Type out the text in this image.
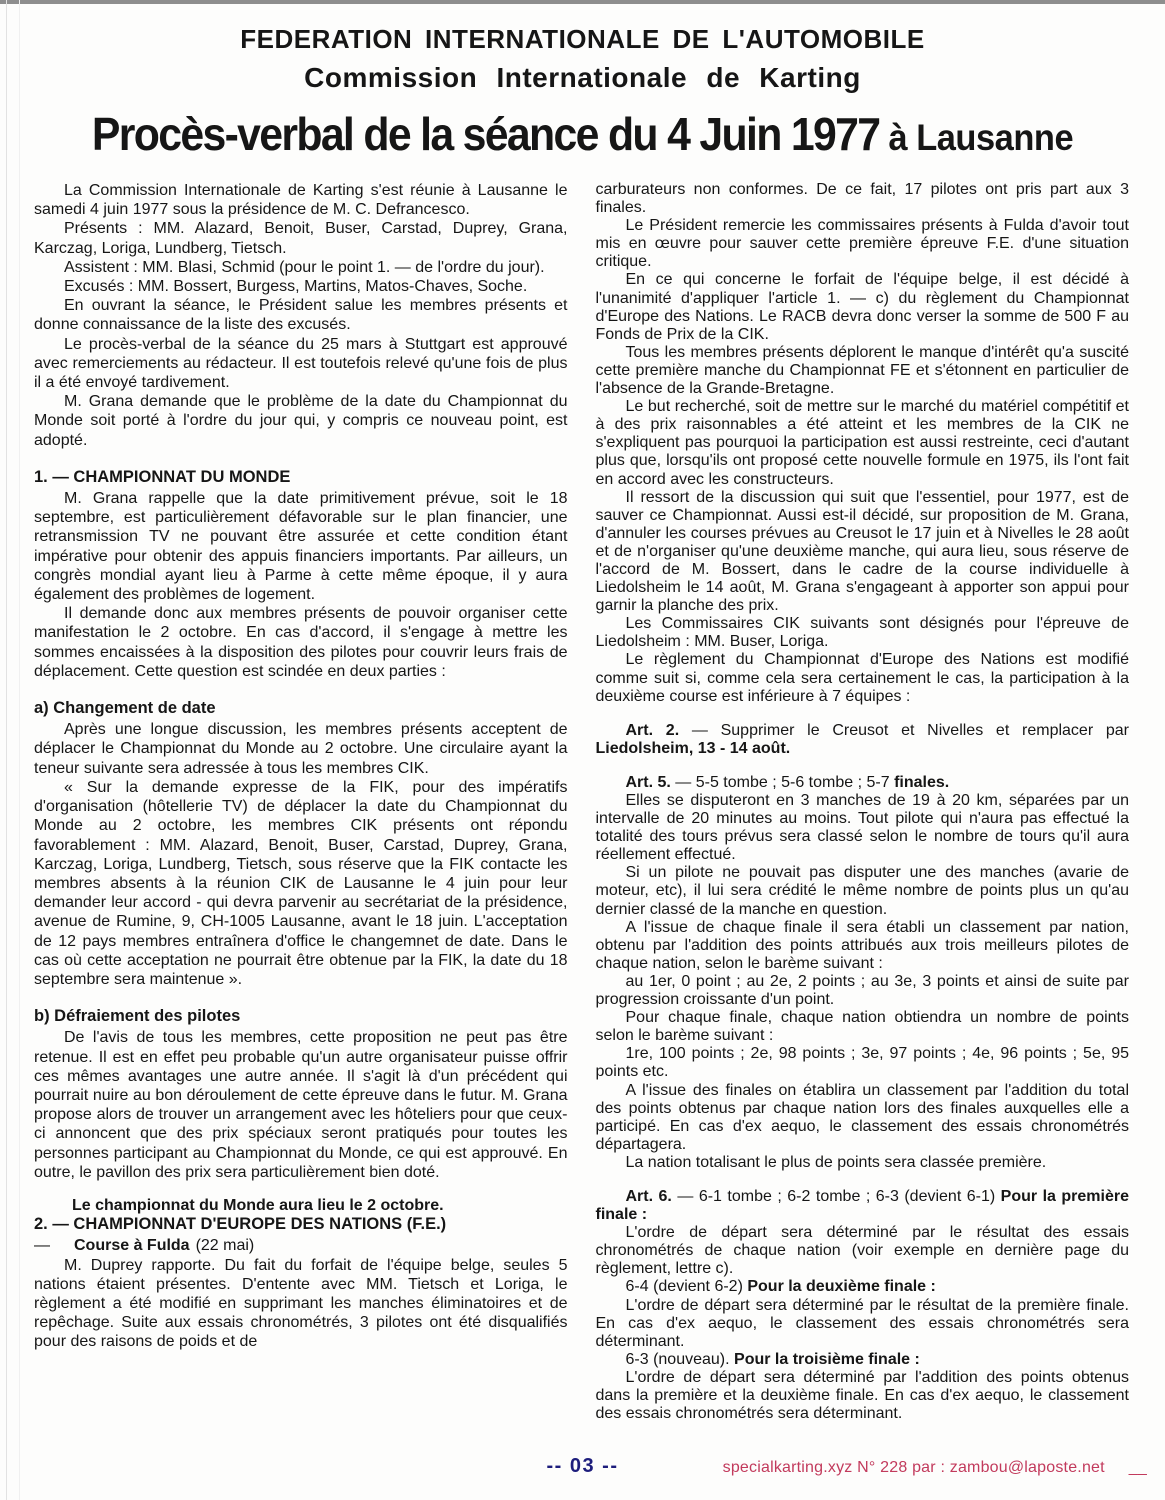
FEDERATION INTERNATIONALE DE L'AUTOMOBILE
Commission Internationale de Karting
Procès-verbal de la séance du 4 Juin 1977 à Lausanne

La Commission Internationale de Karting s'est réunie à Lausanne le samedi 4 juin 1977 sous la présidence de M. C. Defrancesco.

Présents : MM. Alazard, Benoit, Buser, Carstad, Duprey, Grana, Karczag, Loriga, Lundberg, Tietsch.

Assistent : MM. Blasi, Schmid (pour le point 1. — de l'ordre du jour).

Excusés : MM. Bossert, Burgess, Martins, Matos-Chaves, Soche.

En ouvrant la séance, le Président salue les membres présents et donne connaissance de la liste des excusés.

Le procès-verbal de la séance du 25 mars à Stuttgart est approuvé avec remerciements au rédacteur. Il est toutefois relevé qu'une fois de plus il a été envoyé tardivement.

M. Grana demande que le problème de la date du Championnat du Monde soit porté à l'ordre du jour qui, y compris ce nouveau point, est adopté.

1. — CHAMPIONNAT DU MONDE

M. Grana rappelle que la date primitivement prévue, soit le 18 septembre, est particulièrement défavorable sur le plan financier, une retransmission TV ne pouvant être assurée et cette condition étant impérative pour obtenir des appuis financiers importants. Par ailleurs, un congrès mondial ayant lieu à Parme à cette même époque, il y aura également des problèmes de logement.

Il demande donc aux membres présents de pouvoir organiser cette manifestation le 2 octobre. En cas d'accord, il s'engage à mettre les sommes encaissées à la disposition des pilotes pour couvrir leurs frais de déplacement. Cette question est scindée en deux parties :

a) Changement de date

Après une longue discussion, les membres présents acceptent de déplacer le Championnat du Monde au 2 octobre. Une circulaire ayant la teneur suivante sera adressée à tous les membres CIK.

« Sur la demande expresse de la FIK, pour des impératifs d'organisation (hôtellerie TV) de déplacer la date du Championnat du Monde au 2 octobre, les membres CIK présents ont répondu favorablement : MM. Alazard, Benoit, Buser, Carstad, Duprey, Grana, Karczag, Loriga, Lundberg, Tietsch, sous réserve que la FIK contacte les membres absents à la réunion CIK de Lausanne le 4 juin pour leur demander leur accord - qui devra parvenir au secrétariat de la présidence, avenue de Rumine, 9, CH-1005 Lausanne, avant le 18 juin. L'acceptation de 12 pays membres entraînera d'office le changemnet de date. Dans le cas où cette acceptation ne pourrait être obtenue par la FIK, la date du 18 septembre sera maintenue ».

b) Défraiement des pilotes

De l'avis de tous les membres, cette proposition ne peut pas être retenue. Il est en effet peu probable qu'un autre organisateur puisse offrir ces mêmes avantages une autre année. Il s'agit là d'un précédent qui pourrait nuire au bon déroulement de cette épreuve dans le futur. M. Grana propose alors de trouver un arrangement avec les hôteliers pour que ceux-ci annoncent que des prix spéciaux seront pratiqués pour toutes les personnes participant au Championnat du Monde, ce qui est approuvé. En outre, le pavillon des prix sera particulièrement bien doté.

Le championnat du Monde aura lieu le 2 octobre.

2. — CHAMPIONNAT D'EUROPE DES NATIONS (F.E.)

— Course à Fulda (22 mai)

M. Duprey rapporte. Du fait du forfait de l'équipe belge, seules 5 nations étaient présentes. D'entente avec MM. Tietsch et Loriga, le règlement a été modifié en supprimant les manches éliminatoires et de repêchage. Suite aux essais chronométrés, 3 pilotes ont été disqualifiés pour des raisons de poids et de

carburateurs non conformes. De ce fait, 17 pilotes ont pris part aux 3 finales.

Le Président remercie les commissaires présents à Fulda d'avoir tout mis en œuvre pour sauver cette première épreuve F.E. d'une situation critique.

En ce qui concerne le forfait de l'équipe belge, il est décidé à l'unanimité d'appliquer l'article 1. — c) du règlement du Championnat d'Europe des Nations. Le RACB devra donc verser la somme de 500 F au Fonds de Prix de la CIK.

Tous les membres présents déplorent le manque d'intérêt qu'a suscité cette première manche du Championnat FE et s'étonnent en particulier de l'absence de la Grande-Bretagne.

Le but recherché, soit de mettre sur le marché du matériel compétitif et à des prix raisonnables a été atteint et les membres de la CIK ne s'expliquent pas pourquoi la participation est aussi restreinte, ceci d'autant plus que, lorsqu'ils ont proposé cette nouvelle formule en 1975, ils l'ont fait en accord avec les constructeurs.

Il ressort de la discussion qui suit que l'essentiel, pour 1977, est de sauver ce Championnat. Aussi est-il décidé, sur proposition de M. Grana, d'annuler les courses prévues au Creusot le 17 juin et à Nivelles le 28 août et de n'organiser qu'une deuxième manche, qui aura lieu, sous réserve de l'accord de M. Bossert, dans le cadre de la course individuelle à Liedolsheim le 14 août, M. Grana s'engageant à apporter son appui pour garnir la planche des prix.

Les Commissaires CIK suivants sont désignés pour l'épreuve de Liedolsheim : MM. Buser, Loriga.

Le règlement du Championnat d'Europe des Nations est modifié comme suit si, comme cela sera certainement le cas, la participation à la deuxième course est inférieure à 7 équipes :

Art. 2. — Supprimer le Creusot et Nivelles et remplacer par Liedolsheim, 13 - 14 août.

Art. 5. — 5-5 tombe ; 5-6 tombe ; 5-7 finales.

Elles se disputeront en 3 manches de 19 à 20 km, séparées par un intervalle de 20 minutes au moins. Tout pilote qui n'aura pas effectué la totalité des tours prévus sera classé selon le nombre de tours qu'il aura réellement effectué.

Si un pilote ne pouvait pas disputer une des manches (avarie de moteur, etc), il lui sera crédité le même nombre de points plus un qu'au dernier classé de la manche en question.

A l'issue de chaque finale il sera établi un classement par nation, obtenu par l'addition des points attribués aux trois meilleurs pilotes de chaque nation, selon le barème suivant :

au 1er, 0 point ; au 2e, 2 points ; au 3e, 3 points et ainsi de suite par progression croissante d'un point.

Pour chaque finale, chaque nation obtiendra un nombre de points selon le barème suivant :

1re, 100 points ; 2e, 98 points ; 3e, 97 points ; 4e, 96 points ; 5e, 95 points etc.

A l'issue des finales on établira un classement par l'addition du total des points obtenus par chaque nation lors des finales auxquelles elle a participé. En cas d'ex aequo, le classement des essais chronométrés départagera.

La nation totalisant le plus de points sera classée première.

Art. 6. — 6-1 tombe ; 6-2 tombe ; 6-3 (devient 6-1) Pour la première finale :

L'ordre de départ sera déterminé par le résultat des essais chronométrés de chaque nation (voir exemple en dernière page du règlement, lettre c).

6-4 (devient 6-2) Pour la deuxième finale :

L'ordre de départ sera déterminé par le résultat de la première finale. En cas d'ex aequo, le classement des essais chronométrés sera déterminant.

6-3 (nouveau). Pour la troisième finale :

L'ordre de départ sera déterminé par l'addition des points obtenus dans la première et la deuxième finale. En cas d'ex aequo, le classement des essais chronométrés sera déterminant.

-- 03 --	specialkarting.xyz N° 228 par : zambou@laposte.net __
